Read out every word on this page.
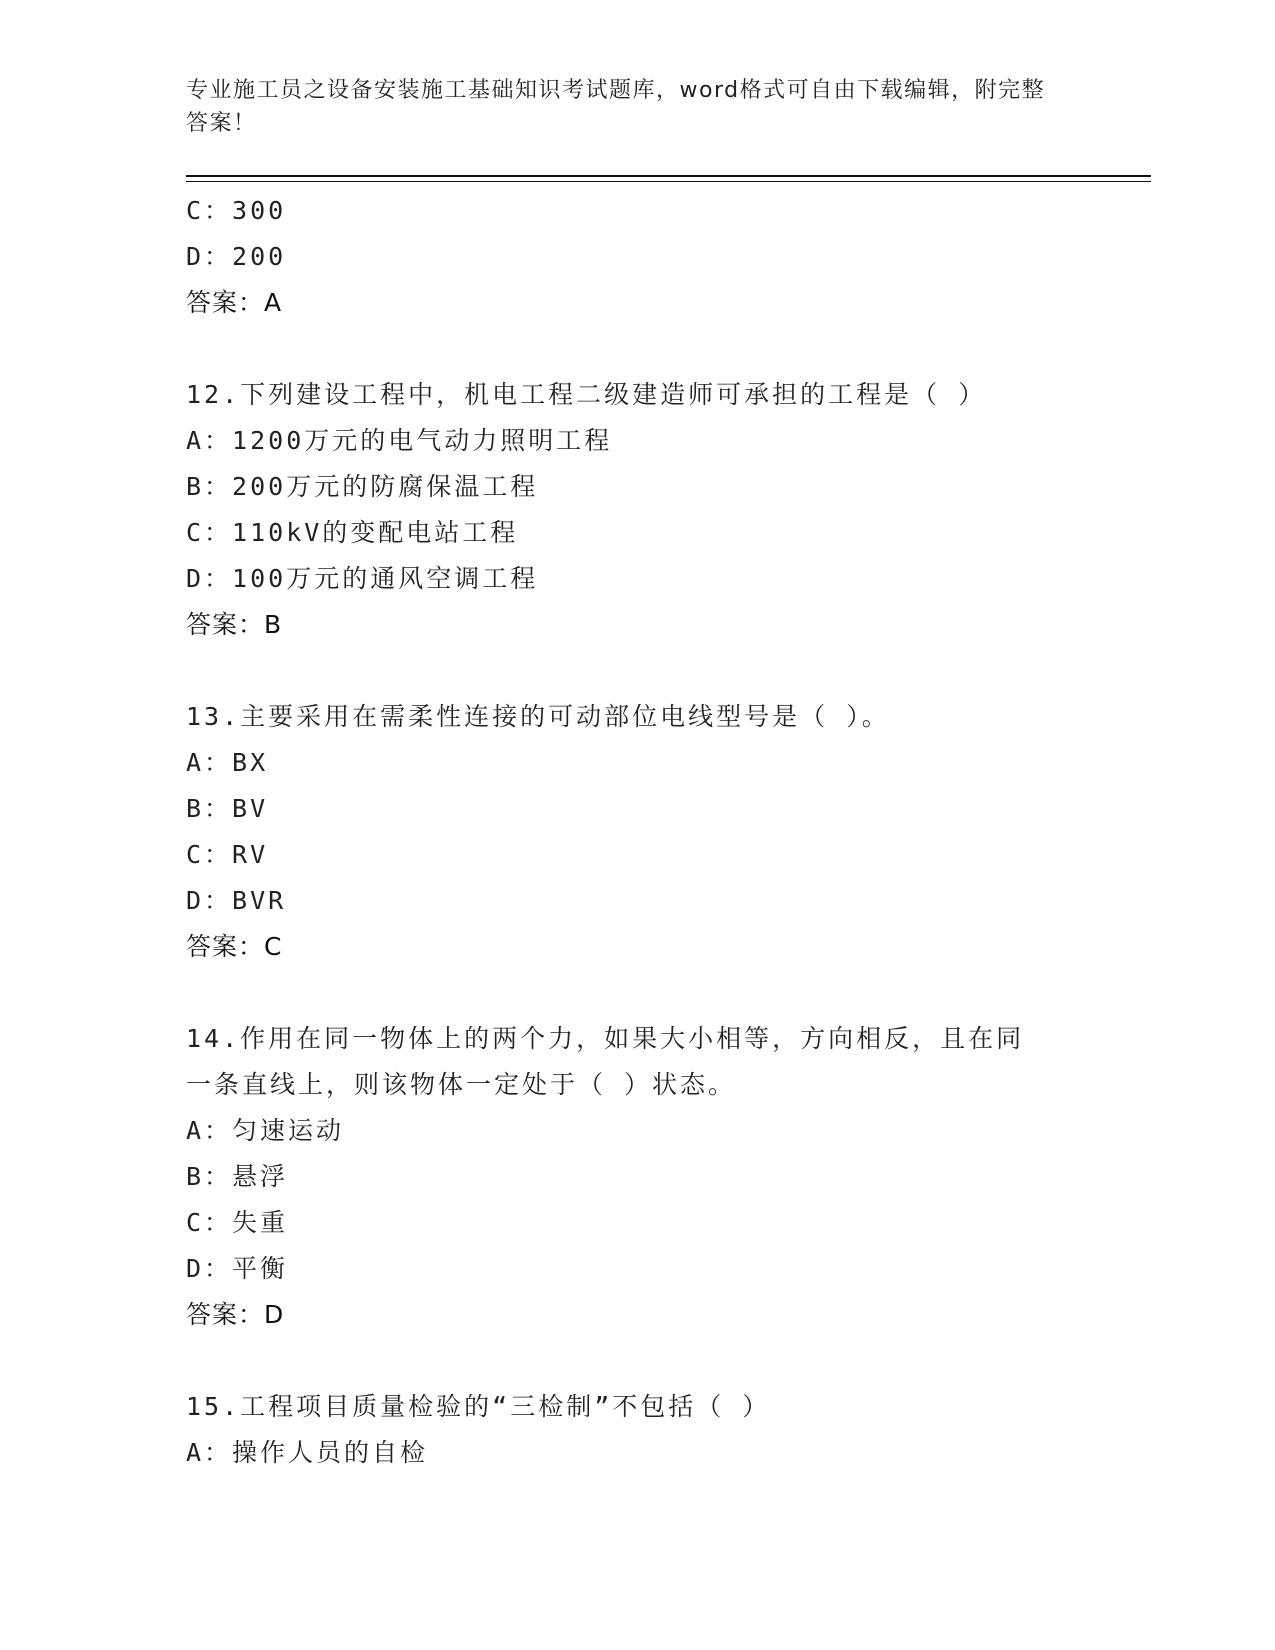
专业施工员之设备安装施工基础知识考试题库，word格式可自由下载编辑，附完整答案！
C：300
D：200
答案：A
12.下列建设工程中，机电工程二级建造师可承担的工程是（ ）
A：1200万元的电气动力照明工程
B：200万元的防腐保温工程
C：110kV的变配电站工程
D：100万元的通风空调工程
答案：B
13.主要采用在需柔性连接的可动部位电线型号是（ ）。
A：BX
B：BV
C：RV
D：BVR
答案：C
14.作用在同一物体上的两个力，如果大小相等，方向相反，且在同一条直线上，则该物体一定处于（ ）状态。
A：匀速运动
B：悬浮
C：失重
D：平衡
答案：D
15.工程项目质量检验的“三检制”不包括（ ）
A：操作人员的自检
